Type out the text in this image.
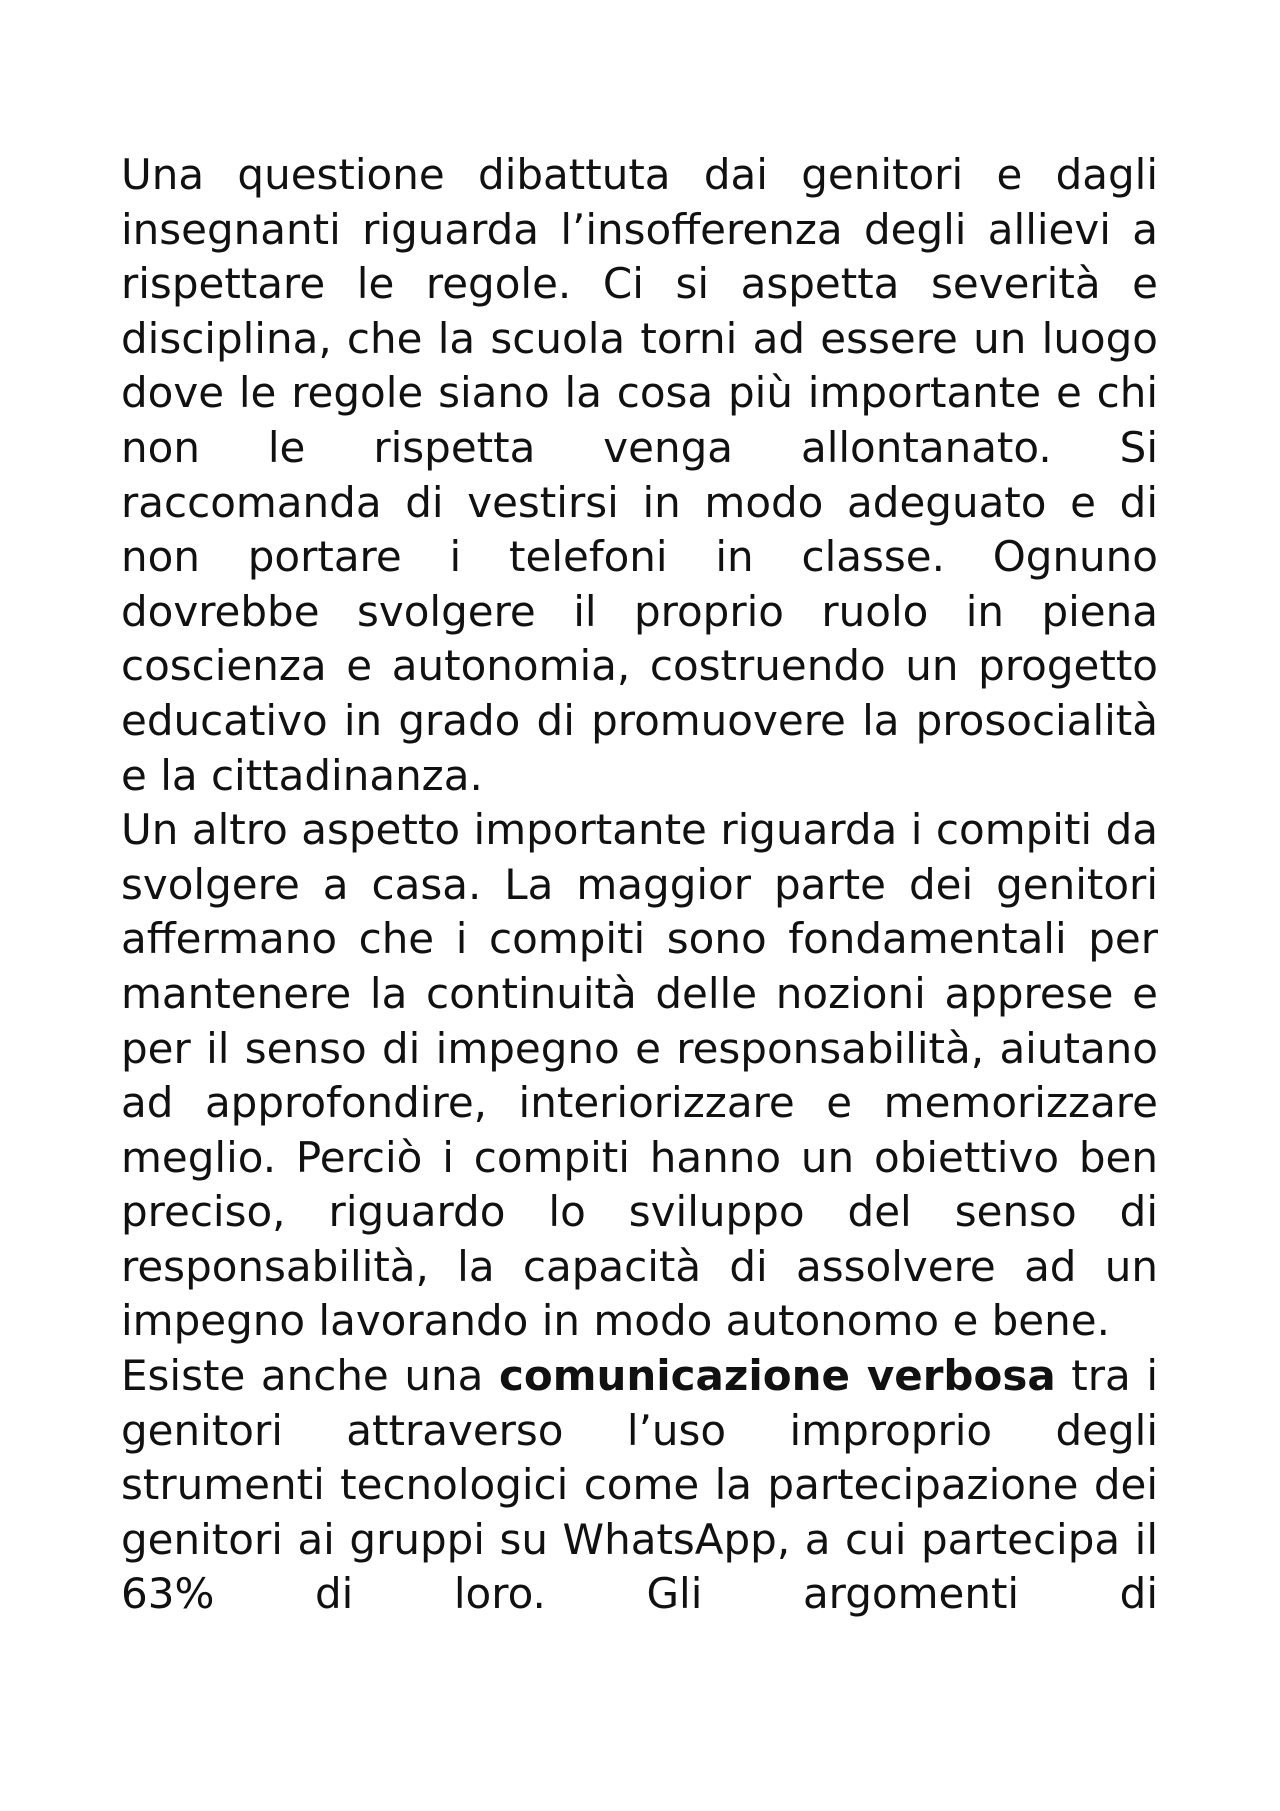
Una questione dibattuta dai genitori e dagli insegnanti riguarda l’insofferenza degli allievi a rispettare le regole. Ci si aspetta severità e disciplina, che la scuola torni ad essere un luogo dove le regole siano la cosa più importante e chi non le rispetta venga allontanato. Si raccomanda di vestirsi in modo adeguato e di non portare i telefoni in classe. Ognuno dovrebbe svolgere il proprio ruolo in piena coscienza e autonomia, costruendo un progetto educativo in grado di promuovere la prosocialità e la cittadinanza.

Un altro aspetto importante riguarda i compiti da svolgere a casa. La maggior parte dei genitori affermano che i compiti sono fondamentali per mantenere la continuità delle nozioni apprese e per il senso di impegno e responsabilità, aiutano ad approfondire, interiorizzare e memorizzare meglio. Perciò i compiti hanno un obiettivo ben preciso, riguardo lo sviluppo del senso di responsabilità, la capacità di assolvere ad un impegno lavorando in modo autonomo e bene.

Esiste anche una comunicazione verbosa tra i genitori attraverso l’uso improprio degli strumenti tecnologici come la partecipazione dei genitori ai gruppi su WhatsApp, a cui partecipa il 63% di loro. Gli argomenti di
